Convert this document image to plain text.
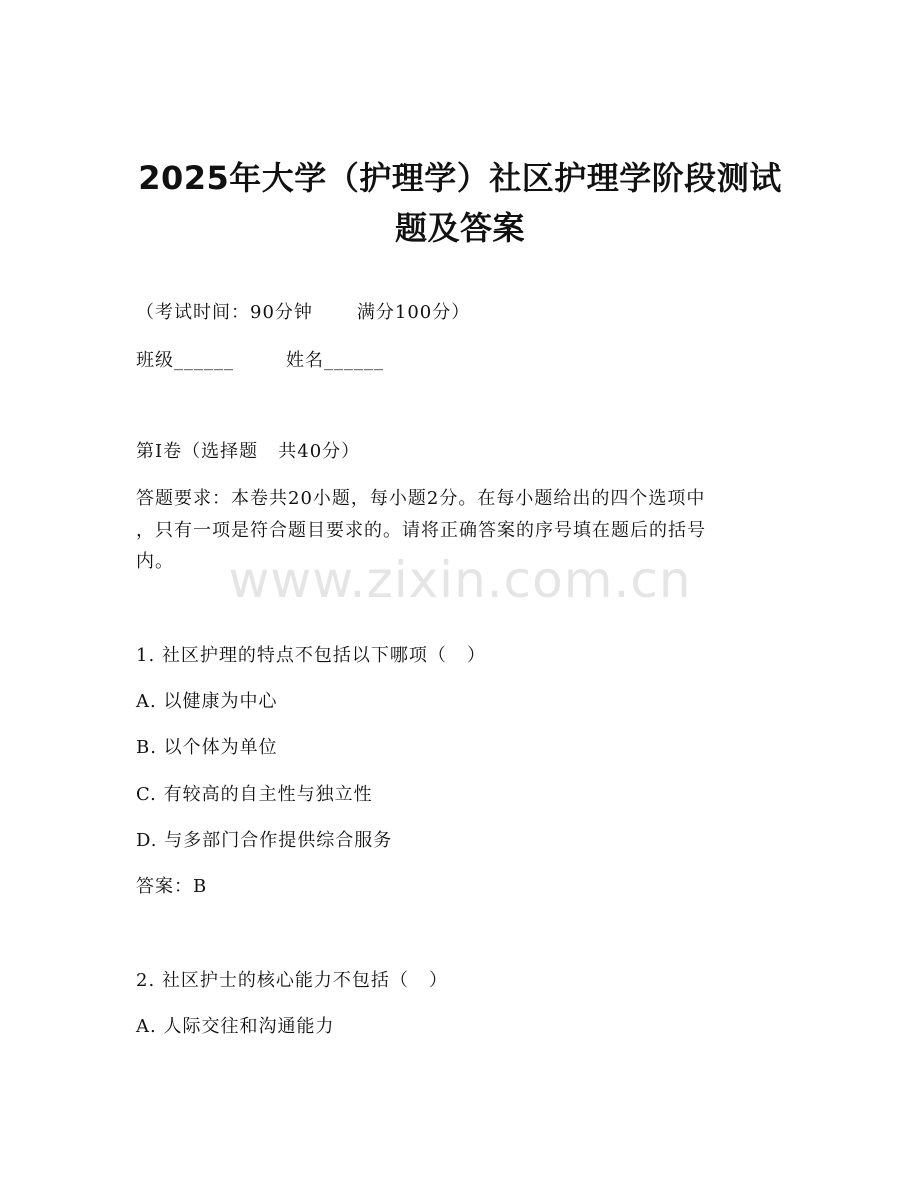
2025年大学（护理学）社区护理学阶段测试
题及答案
（考试时间：90分钟 满分100分）
班级______	姓名______
第Ⅰ卷（选择题   共40分）
答题要求：本卷共20小题，每小题2分。在每小题给出的四个选项中
，只有一项是符合题目要求的。请将正确答案的序号填在题后的括号
内。
1. 社区护理的特点不包括以下哪项（   ）
A. 以健康为中心
B. 以个体为单位
C. 有较高的自主性与独立性
D. 与多部门合作提供综合服务
答案：B
2. 社区护士的核心能力不包括（   ）
A. 人际交往和沟通能力
www.zixin.com.cn
